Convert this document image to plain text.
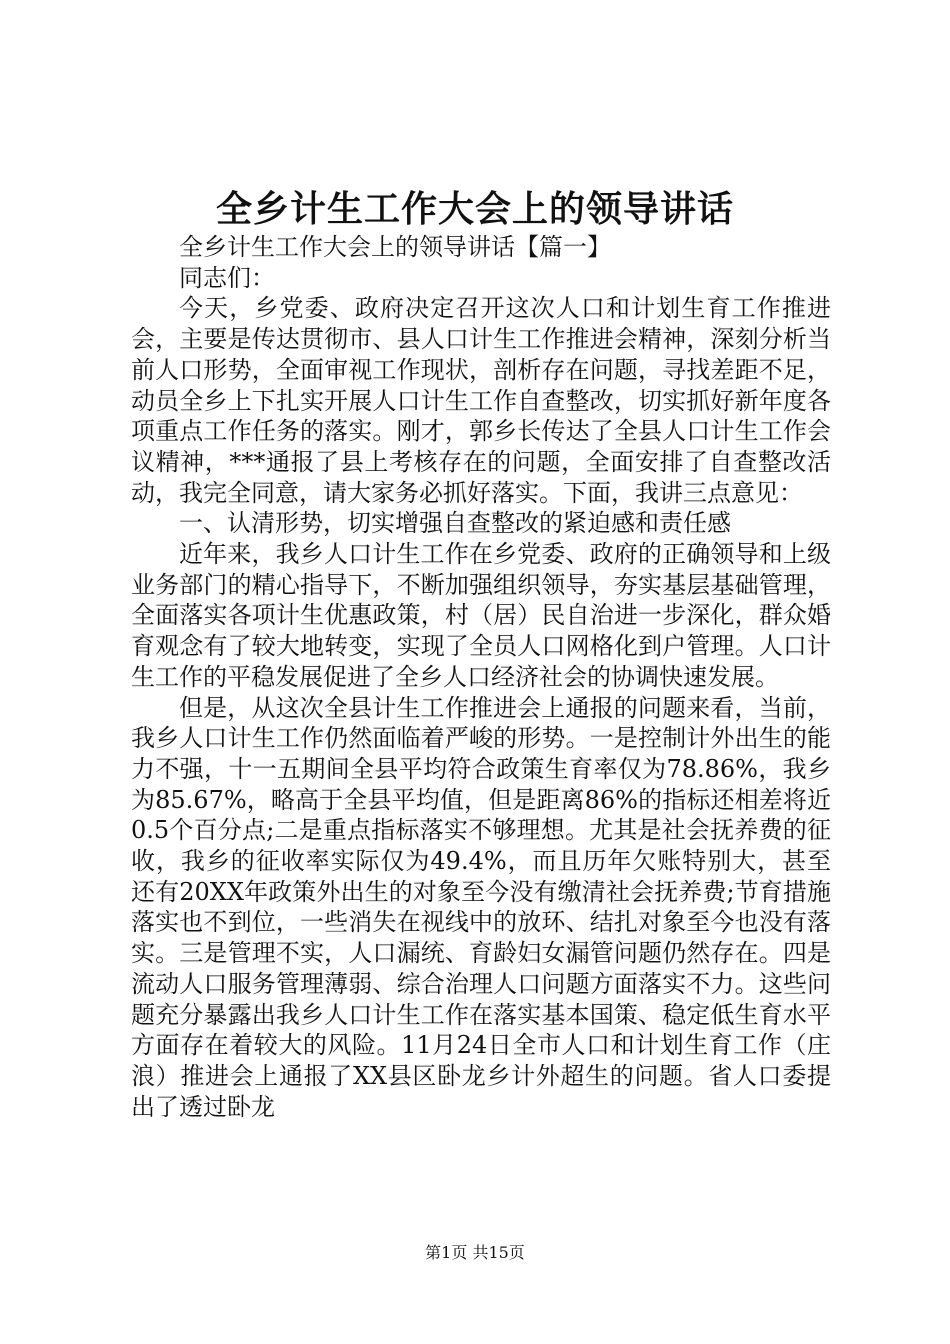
全乡计生工作大会上的领导讲话

全乡计生工作大会上的领导讲话【篇一】

同志们：

今天，乡党委、政府决定召开这次人口和计划生育工作推进会，主要是传达贯彻市、县人口计生工作推进会精神，深刻分析当前人口形势，全面审视工作现状，剖析存在问题，寻找差距不足，动员全乡上下扎实开展人口计生工作自查整改，切实抓好新年度各项重点工作任务的落实。刚才，郭乡长传达了全县人口计生工作会议精神，***通报了县上考核存在的问题，全面安排了自查整改活动，我完全同意，请大家务必抓好落实。下面，我讲三点意见：

一、认清形势，切实增强自查整改的紧迫感和责任感

近年来，我乡人口计生工作在乡党委、政府的正确领导和上级业务部门的精心指导下，不断加强组织领导，夯实基层基础管理，全面落实各项计生优惠政策，村（居）民自治进一步深化，群众婚育观念有了较大地转变，实现了全员人口网格化到户管理。人口计生工作的平稳发展促进了全乡人口经济社会的协调快速发展。

但是，从这次全县计生工作推进会上通报的问题来看，当前，我乡人口计生工作仍然面临着严峻的形势。一是控制计外出生的能力不强，十一五期间全县平均符合政策生育率仅为78.86%，我乡为85.67%，略高于全县平均值，但是距离86%的指标还相差将近0.5个百分点;二是重点指标落实不够理想。尤其是社会抚养费的征收，我乡的征收率实际仅为49.4%，而且历年欠账特别大，甚至还有20XX年政策外出生的对象至今没有缴清社会抚养费;节育措施落实也不到位，一些消失在视线中的放环、结扎对象至今也没有落实。三是管理不实，人口漏统、育龄妇女漏管问题仍然存在。四是流动人口服务管理薄弱、综合治理人口问题方面落实不力。这些问题充分暴露出我乡人口计生工作在落实基本国策、稳定低生育水平方面存在着较大的风险。11月24日全市人口和计划生育工作（庄浪）推进会上通报了XX县区卧龙乡计外超生的问题。省人口委提出了透过卧龙

第1页 共15页
